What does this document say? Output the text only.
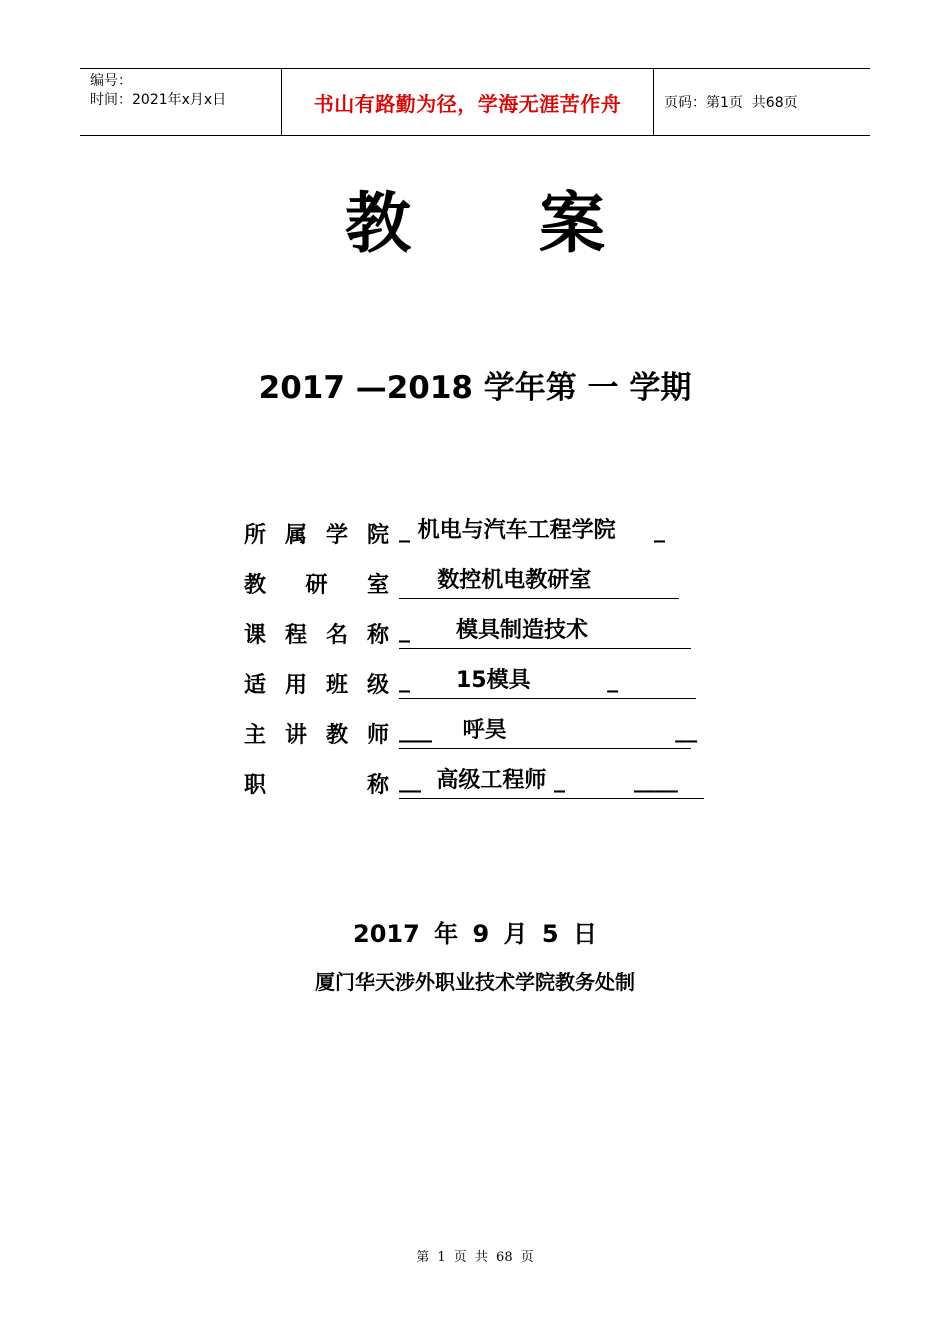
编号：
时间：2021年x月x日	书山有路勤为径，学海无涯苦作舟	页码：第1页  共68页
教 案
2017 —2018 学年第 一 学期
所 属 学 院 _ 机电与汽车工程学院     _
教 研 室 数控机电教研室
课 程 名 称 _      模具制造技术
适 用 班 级 _      15模具          _
主 讲 教 师 ___    呼昊                      __
职	称 __  高级工程师 _         ____
2017 年 9 月 5 日
厦门华天涉外职业技术学院教务处制
第 1 页 共 68 页
